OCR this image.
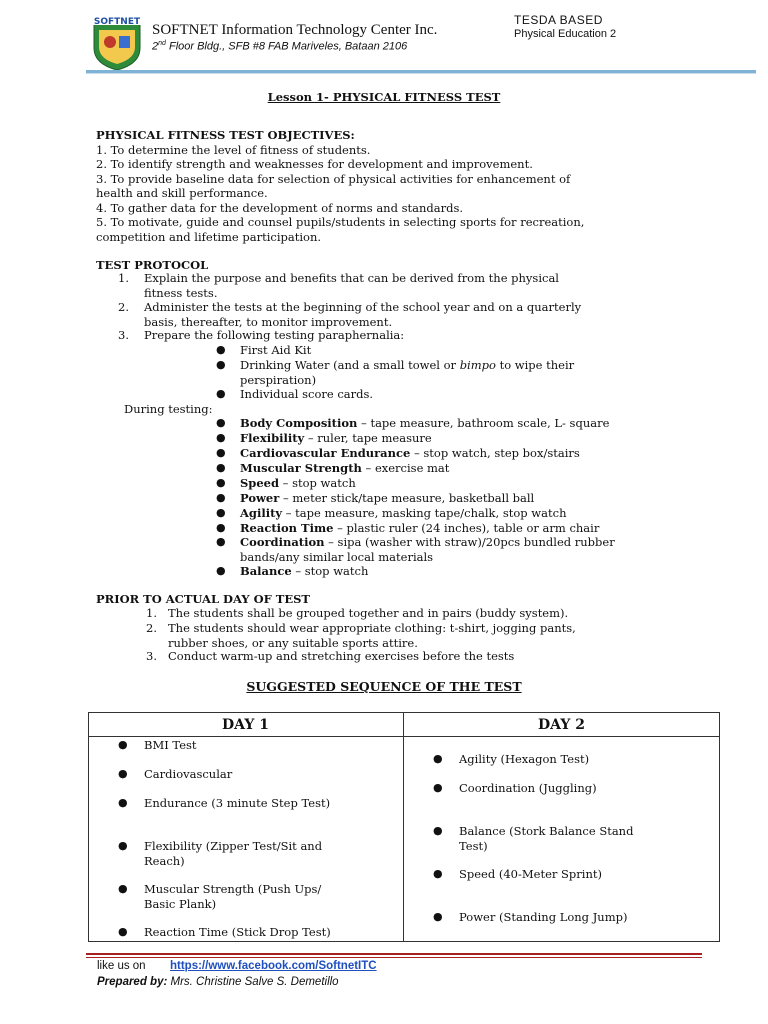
SOFTNET SOFTNET Information Technology Center Inc.
2nd Floor Bldg., SFB #8 FAB Mariveles, Bataan 2106
TESDA BASED
Physical Education 2
Lesson 1- PHYSICAL FITNESS TEST
PHYSICAL FITNESS TEST OBJECTIVES:
1. To determine the level of fitness of students.
2. To identify strength and weaknesses for development and improvement.
3. To provide baseline data for selection of physical activities for enhancement of
health and skill performance.
4. To gather data for the development of norms and standards.
5. To motivate, guide and counsel pupils/students in selecting sports for recreation,
competition and lifetime participation.
TEST PROTOCOL
1. Explain the purpose and benefits that can be derived from the physical
fitness tests.
2. Administer the tests at the beginning of the school year and on a quarterly
basis, thereafter, to monitor improvement.
3. Prepare the following testing paraphernalia:
● First Aid Kit
● Drinking Water (and a small towel or bimpo to wipe their
perspiration)
● Individual score cards.
During testing:
● Body Composition – tape measure, bathroom scale, L- square
● Flexibility – ruler, tape measure
● Cardiovascular Endurance – stop watch, step box/stairs
● Muscular Strength – exercise mat
● Speed – stop watch
● Power – meter stick/tape measure, basketball ball
● Agility – tape measure, masking tape/chalk, stop watch
● Reaction Time – plastic ruler (24 inches), table or arm chair
● Coordination – sipa (washer with straw)/20pcs bundled rubber
bands/any similar local materials
● Balance – stop watch
PRIOR TO ACTUAL DAY OF TEST
1. The students shall be grouped together and in pairs (buddy system).
2. The students should wear appropriate clothing: t-shirt, jogging pants,
rubber shoes, or any suitable sports attire.
3. Conduct warm-up and stretching exercises before the tests
SUGGESTED SEQUENCE OF THE TEST
DAY 1	DAY 2
● BMI Test
● Cardiovascular
● Endurance (3 minute Step Test)
● Flexibility (Zipper Test/Sit and
Reach)
● Muscular Strength (Push Ups/
Basic Plank)
● Reaction Time (Stick Drop Test)
● Agility (Hexagon Test)
● Coordination (Juggling)
● Balance (Stork Balance Stand
Test)
● Speed (40-Meter Sprint)
● Power (Standing Long Jump)
like us on https://www.facebook.com/SoftnetITC
Prepared by: Mrs. Christine Salve S. Demetillo
